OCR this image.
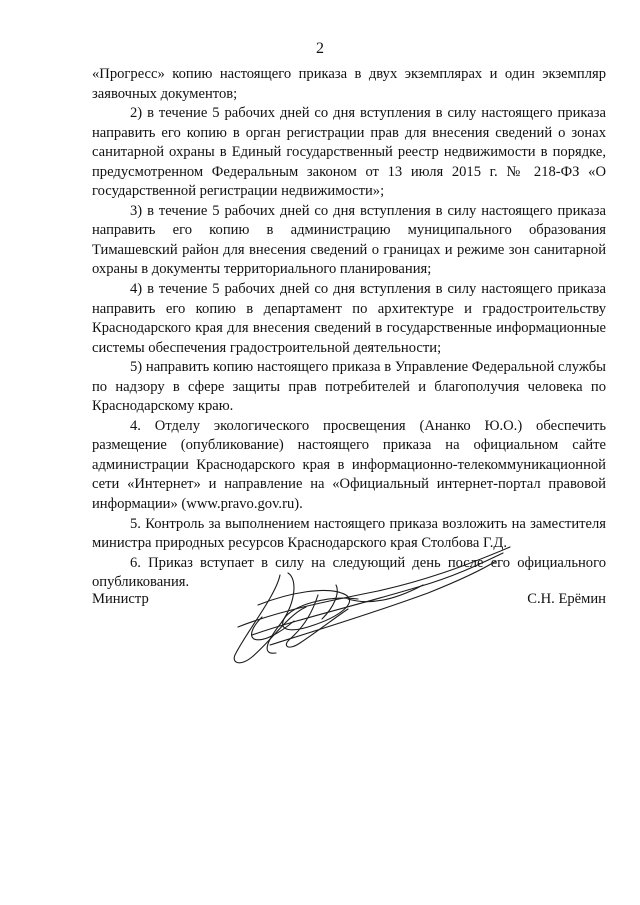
2

«Прогресс» копию настоящего приказа в двух экземплярах и один экземпляр заявочных документов;

2) в течение 5 рабочих дней со дня вступления в силу настоящего приказа направить его копию в орган регистрации прав для внесения сведений о зонах санитарной охраны в Единый государственный реестр недвижимости в порядке, предусмотренном Федеральным законом от 13 июля 2015 г. № 218-ФЗ «О государственной регистрации недвижимости»;

3) в течение 5 рабочих дней со дня вступления в силу настоящего приказа направить его копию в администрацию муниципального образования Тимашевский район для внесения сведений о границах и режиме зон санитарной охраны в документы территориального планирования;

4) в течение 5 рабочих дней со дня вступления в силу настоящего приказа направить его копию в департамент по архитектуре и градостроительству Краснодарского края для внесения сведений в государственные информационные системы обеспечения градостроительной деятельности;

5) направить копию настоящего приказа в Управление Федеральной службы по надзору в сфере защиты прав потребителей и благополучия человека по Краснодарскому краю.

4. Отделу экологического просвещения (Ананко Ю.О.) обеспечить размещение (опубликование) настоящего приказа на официальном сайте администрации Краснодарского края в информационно-телекоммуникационной сети «Интернет» и направление на «Официальный интернет-портал правовой информации» (www.pravo.gov.ru).

5. Контроль за выполнением настоящего приказа возложить на заместителя министра природных ресурсов Краснодарского края Столбова Г.Д.

6. Приказ вступает в силу на следующий день после его официального опубликования.

Министр	С.Н. Ерёмин
